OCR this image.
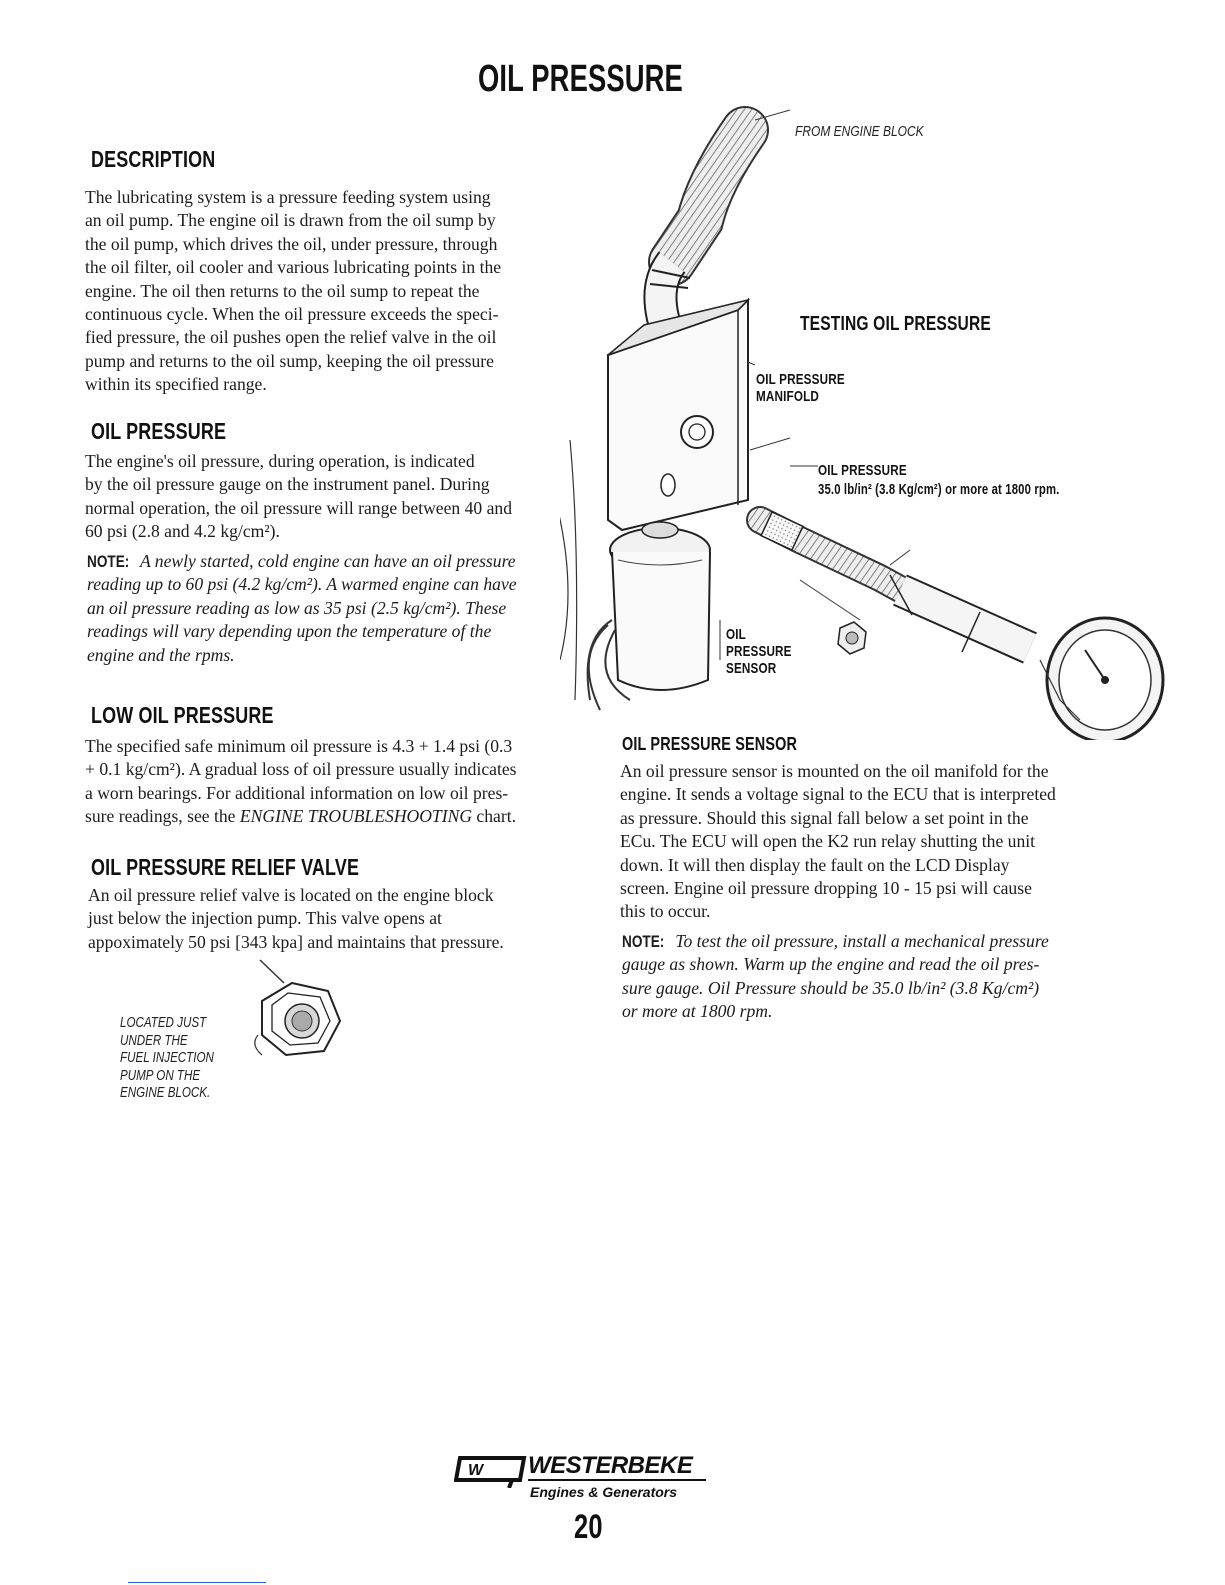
OIL PRESSURE
DESCRIPTION
The lubricating system is a pressure feeding system using
an oil pump. The engine oil is drawn from the oil sump by
the oil pump, which drives the oil, under pressure, through
the oil filter, oil cooler and various lubricating points in the
engine. The oil then returns to the oil sump to repeat the
continuous cycle. When the oil pressure exceeds the speci-
fied pressure, the oil pushes open the relief valve in the oil
pump and returns to the oil sump, keeping the oil pressure
within its specified range.
OIL PRESSURE
The engine's oil pressure, during operation, is indicated
by the oil pressure gauge on the instrument panel. During
normal operation, the oil pressure will range between 40 and
60 psi (2.8 and 4.2 kg/cm²).
NOTE: A newly started, cold engine can have an oil pressure
reading up to 60 psi (4.2 kg/cm²). A warmed engine can have
an oil pressure reading as low as 35 psi (2.5 kg/cm²). These
readings will vary depending upon the temperature of the
engine and the rpms.
LOW OIL PRESSURE
The specified safe minimum oil pressure is 4.3 + 1.4 psi (0.3
+ 0.1 kg/cm²). A gradual loss of oil pressure usually indicates
a worn bearings. For additional information on low oil pres-
sure readings, see the ENGINE TROUBLESHOOTING chart.
OIL PRESSURE RELIEF VALVE
An oil pressure relief valve is located on the engine block
just below the injection pump. This valve opens at
appoximately 50 psi [343 kpa] and maintains that pressure.
LOCATED JUST
UNDER THE
FUEL INJECTION
PUMP ON THE
ENGINE BLOCK.
FROM ENGINE BLOCK
TESTING OIL PRESSURE
OIL PRESSURE
MANIFOLD
OIL PRESSURE
35.0 lb/in² (3.8 Kg/cm²) or more at 1800 rpm.
OIL
PRESSURE
SENSOR
OIL PRESSURE SENSOR
An oil pressure sensor is mounted on the oil manifold for the
engine. It sends a voltage signal to the ECU that is interpreted
as pressure. Should this signal fall below a set point in the
ECu. The ECU will open the K2 run relay shutting the unit
down. It will then display the fault on the LCD Display
screen. Engine oil pressure dropping 10 - 15 psi will cause
this to occur.
NOTE: To test the oil pressure, install a mechanical pressure
gauge as shown. Warm up the engine and read the oil pres-
sure gauge. Oil Pressure should be 35.0 lb/in² (3.8 Kg/cm²)
or more at 1800 rpm.
W WESTERBEKE
Engines & Generators
20
